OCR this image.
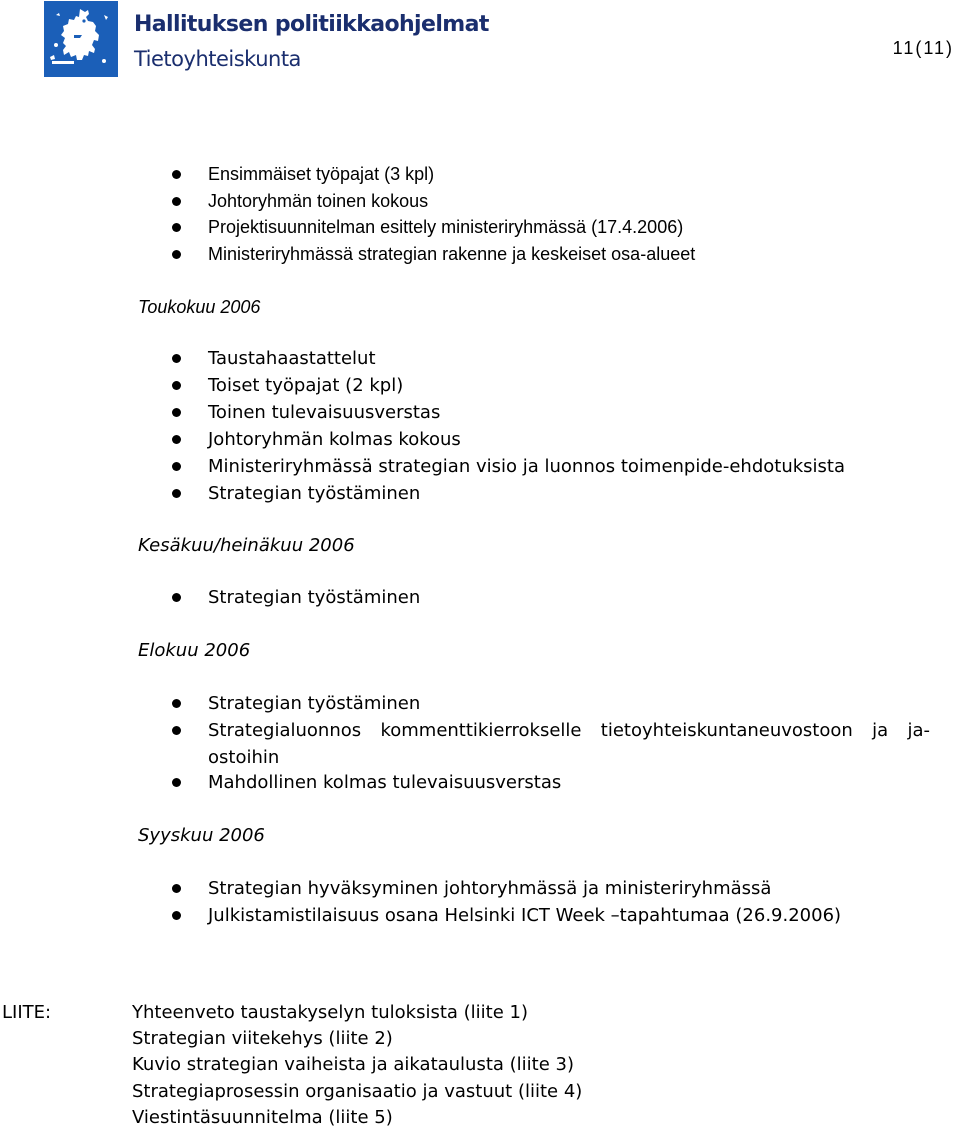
Hallituksen politiikkaohjelmat
Tietoyhteiskunta	11(11)
Ensimmäiset työpajat (3 kpl)
Johtoryhmän toinen kokous
Projektisuunnitelman esittely ministeriryhmässä (17.4.2006)
Ministeriryhmässä strategian rakenne ja keskeiset osa-alueet
Toukokuu 2006
Taustahaastattelut
Toiset työpajat (2 kpl)
Toinen tulevaisuusverstas
Johtoryhmän kolmas kokous
Ministeriryhmässä strategian visio ja luonnos toimenpide-ehdotuksista
Strategian työstäminen
Kesäkuu/heinäkuu 2006
Strategian työstäminen
Elokuu 2006
Strategian työstäminen
Strategialuonnos kommenttikierrokselle tietoyhteiskuntaneuvostoon ja ja-ostoihin
Mahdollinen kolmas tulevaisuusverstas
Syyskuu 2006
Strategian hyväksyminen johtoryhmässä ja ministeriryhmässä
Julkistamistilaisuus osana Helsinki ICT Week –tapahtumaa (26.9.2006)
LIITE:	Yhteenveto taustakyselyn tuloksista (liite 1)
Strategian viitekehys (liite 2)
Kuvio strategian vaiheista ja aikataulusta (liite 3)
Strategiaprosessin organisaatio ja vastuut (liite 4)
Viestintäsuunnitelma (liite 5)
